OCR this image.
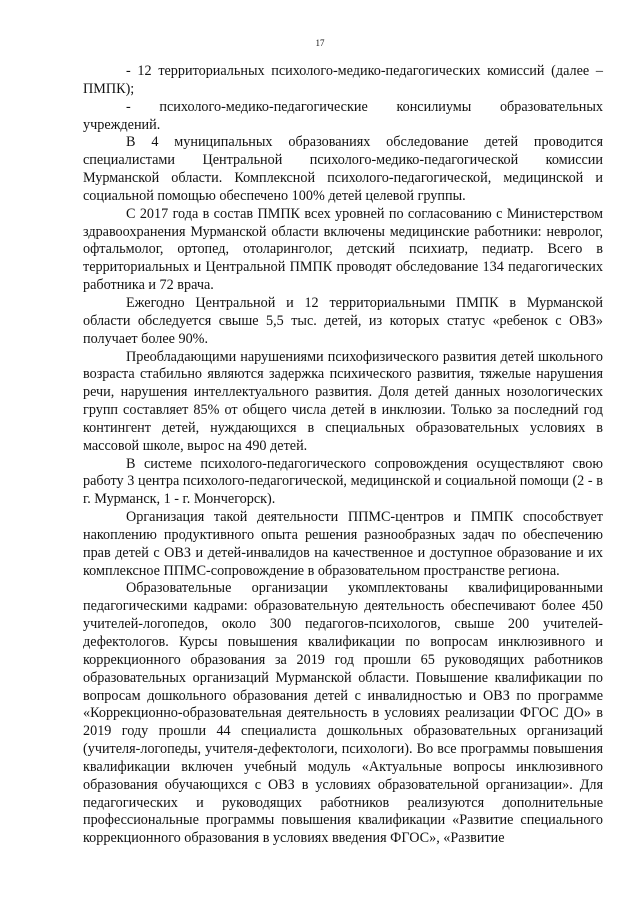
17

- 12 территориальных психолого-медико-педагогических комиссий (далее – ПМПК);

- психолого-медико-педагогические консилиумы образовательных учреждений.

В 4 муниципальных образованиях обследование детей проводится специалистами Центральной психолого-медико-педагогической комиссии Мурманской области. Комплексной психолого-педагогической, медицинской и социальной помощью обеспечено 100% детей целевой группы.

С 2017 года в состав ПМПК всех уровней по согласованию с Министерством здравоохранения Мурманской области включены медицинские работники: невролог, офтальмолог, ортопед, отоларинголог, детский психиатр, педиатр. Всего в территориальных и Центральной ПМПК проводят обследование 134 педагогических работника и 72 врача.

Ежегодно Центральной и 12 территориальными ПМПК в Мурманской области обследуется свыше 5,5 тыс. детей, из которых статус «ребенок с ОВЗ» получает более 90%.

Преобладающими нарушениями психофизического развития детей школьного возраста стабильно являются задержка психического развития, тяжелые нарушения речи, нарушения интеллектуального развития. Доля детей данных нозологических групп составляет 85% от общего числа детей в инклюзии. Только за последний год контингент детей, нуждающихся в специальных образовательных условиях в массовой школе, вырос на 490 детей.

В системе психолого-педагогического сопровождения осуществляют свою работу 3 центра психолого-педагогической, медицинской и социальной помощи (2 - в г. Мурманск, 1 - г. Мончегорск).

Организация такой деятельности ППМС-центров и ПМПК способствует накоплению продуктивного опыта решения разнообразных задач по обеспечению прав детей с ОВЗ и детей-инвалидов на качественное и доступное образование и их комплексное ППМС-сопровождение в образовательном пространстве региона.

Образовательные организации укомплектованы квалифицированными педагогическими кадрами: образовательную деятельность обеспечивают более 450 учителей-логопедов, около 300 педагогов-психологов, свыше 200 учителей-дефектологов. Курсы повышения квалификации по вопросам инклюзивного и коррекционного образования за 2019 год прошли 65 руководящих работников образовательных организаций Мурманской области. Повышение квалификации по вопросам дошкольного образования детей с инвалидностью и ОВЗ по программе «Коррекционно-образовательная деятельность в условиях реализации ФГОС ДО» в 2019 году прошли 44 специалиста дошкольных образовательных организаций (учителя-логопеды, учителя-дефектологи, психологи). Во все программы повышения квалификации включен учебный модуль «Актуальные вопросы инклюзивного образования обучающихся с ОВЗ в условиях образовательной организации». Для педагогических и руководящих работников реализуются дополнительные профессиональные программы повышения квалификации «Развитие специального коррекционного образования в условиях введения ФГОС», «Развитие
